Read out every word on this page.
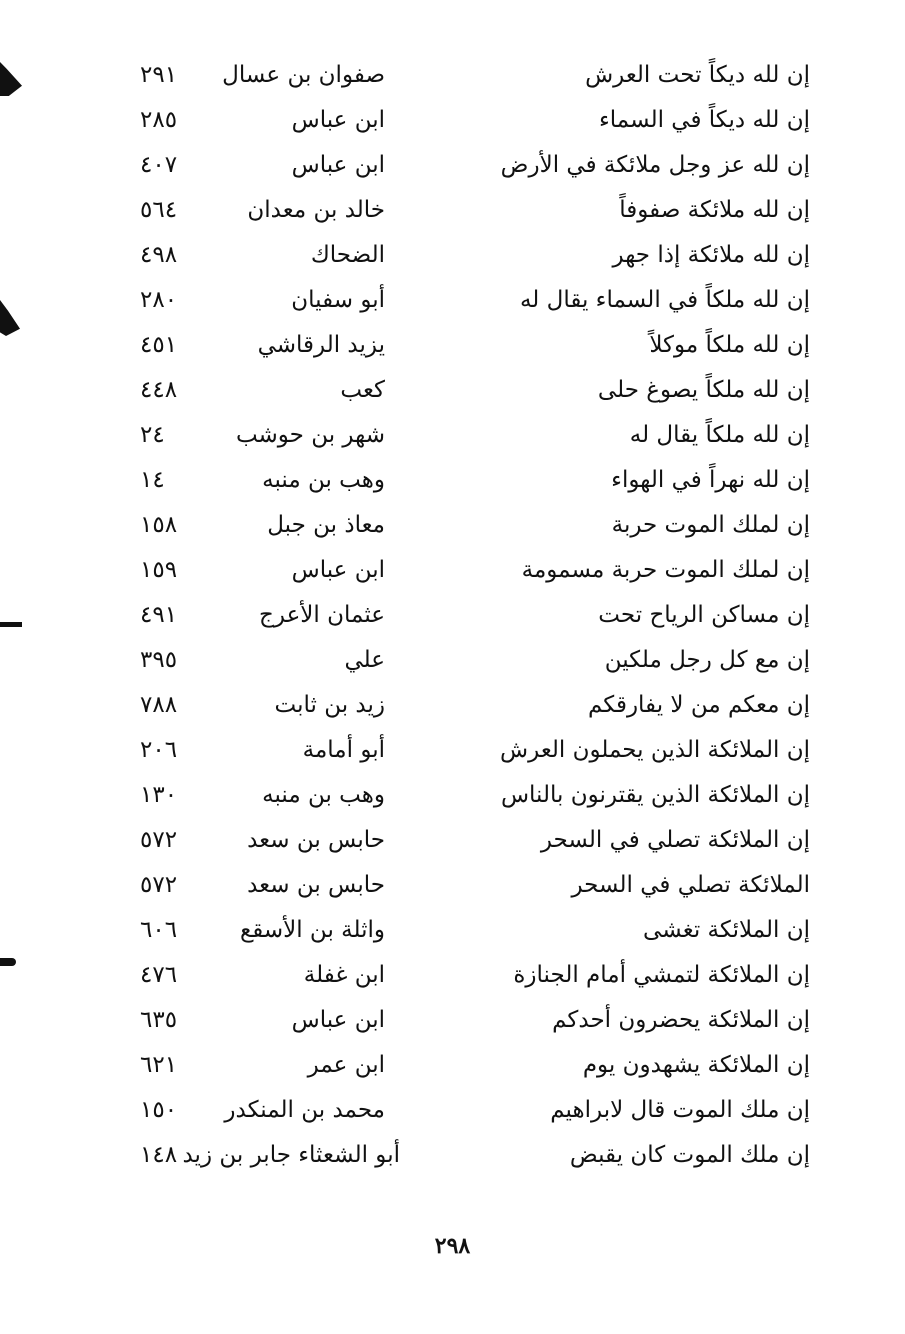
إن لله ديكاً تحت العرش
صفوان بن عسال
٢٩١
إن لله ديكاً في السماء
ابن عباس
٢٨٥
إن لله عز وجل ملائكة في الأرض
ابن عباس
٤٠٧
إن لله ملائكة صفوفاً
خالد بن معدان
٥٦٤
إن لله ملائكة إذا جهر
الضحاك
٤٩٨
إن لله ملكاً في السماء يقال له
أبو سفيان
٢٨٠
إن لله ملكاً موكلاً
يزيد الرقاشي
٤٥١
إن لله ملكاً يصوغ حلى
كعب
٤٤٨
إن لله ملكاً يقال له
شهر بن حوشب
٢٤
إن لله نهراً في الهواء
وهب بن منبه
١٤
إن لملك الموت حربة
معاذ بن جبل
١٥٨
إن لملك الموت حربة مسمومة
ابن عباس
١٥٩
إن مساكن الرياح تحت
عثمان الأعرج
٤٩١
إن مع كل رجل ملكين
علي
٣٩٥
إن معكم من لا يفارقكم
زيد بن ثابت
٧٨٨
إن الملائكة الذين يحملون العرش
أبو أمامة
٢٠٦
إن الملائكة الذين يقترنون بالناس
وهب بن منبه
١٣٠
إن الملائكة تصلي في السحر
حابس بن سعد
٥٧٢
الملائكة تصلي في السحر
حابس بن سعد
٥٧٢
إن الملائكة تغشى
واثلة بن الأسقع
٦٠٦
إن الملائكة لتمشي أمام الجنازة
ابن غفلة
٤٧٦
إن الملائكة يحضرون أحدكم
ابن عباس
٦٣٥
إن الملائكة يشهدون يوم
ابن عمر
٦٢١
إن ملك الموت قال لابراهيم
محمد بن المنكدر
١٥٠
إن ملك الموت كان يقبض
أبو الشعثاء جابر بن زيد
١٤٨
٢٩٨
